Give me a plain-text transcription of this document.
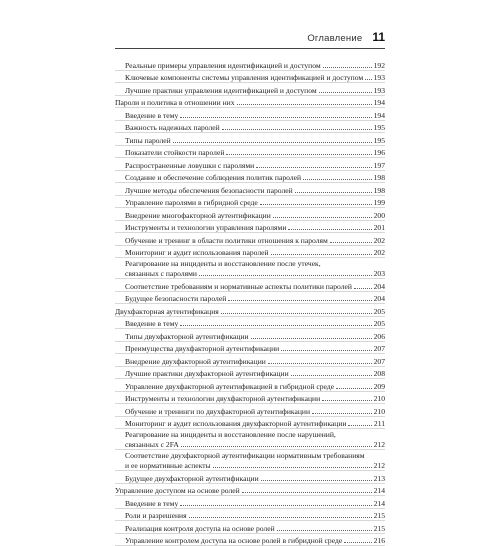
Оглавление 11
Реальные примеры управления идентификацией и доступом	192
Ключевые компоненты системы управления идентификацией и доступом 193
Лучшие практики управления идентификацией и доступом	193
Пароли и политика в отношении них	194
Введение в тему	194
Важность надежных паролей	195
Типы паролей	195
Показатели стойкости паролей	196
Распространенные ловушки с паролями	197
Создание и обеспечение соблюдения политик паролей	198
Лучшие методы обеспечения безопасности паролей	198
Управление паролями в гибридной среде	199
Внедрение многофакторной аутентификации	200
Инструменты и технологии управления паролями	201
Обучение и тренинг в области политики отношения к паролям	202
Мониторинг и аудит использования паролей	202
Реагирование на инциденты и восстановление после утечек,
связанных с паролями	203
Соответствие требованиям и нормативные аспекты политики паролей	204
Будущее безопасности паролей	204
Двухфакторная аутентификация	205
Введение в тему	205
Типы двухфакторной аутентификации	206
Преимущества двухфакторной аутентификации	207
Внедрение двухфакторной аутентификации	207
Лучшие практики двухфакторной аутентификации	208
Управление двухфакторной аутентификацией в гибридной среде	209
Инструменты и технологии двухфакторной аутентификации	210
Обучение и тренинги по двухфакторной аутентификации	210
Мониторинг и аудит использования двухфакторной аутентификации	211
Реагирование на инциденты и восстановление после нарушений,
связанных с 2FA	212
Соответствие двухфакторной аутентификации нормативным требованиям
и ее нормативные аспекты	212
Будущее двухфакторной аутентификации	213
Управление доступом на основе ролей	214
Введение в тему	214
Роли и разрешения	215
Реализация контроля доступа на основе ролей	215
Управление контролем доступа на основе ролей в гибридной среде	216
